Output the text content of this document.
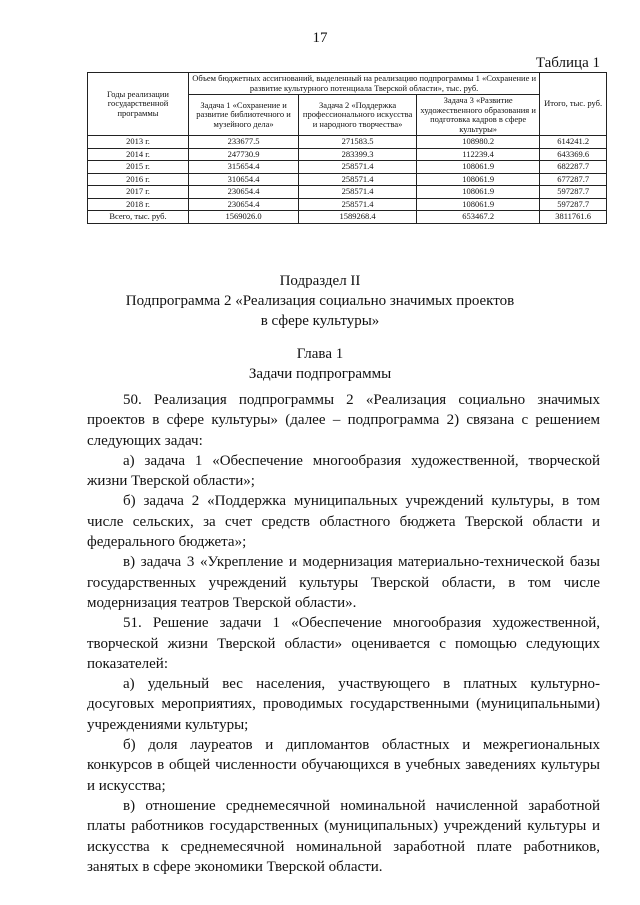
17
Таблица 1
Годы реализации государственной программы	Объем бюджетных ассигнований, выделенный на реализацию подпрограммы 1 «Сохранение и развитие культурного потенциала Тверской области», тыс. руб.			Итого, тыс. руб.
	Задача 1 «Сохранение и развитие библиотечного и музейного дела»	Задача 2 «Поддержка профессионального искусства и народного творчества»	Задача 3 «Развитие художественного образования и подготовка кадров в сфере культуры»	
2013 г.	233677.5	271583.5	108980.2	614241.2
2014 г.	247730.9	283399.3	112239.4	643369.6
2015 г.	315654.4	258571.4	108061.9	682287.7
2016 г.	310654.4	258571.4	108061.9	677287.7
2017 г.	230654.4	258571.4	108061.9	597287.7
2018 г.	230654.4	258571.4	108061.9	597287.7
Всего, тыс. руб.	1569026.0	1589268.4	653467.2	3811761.6
Подраздел II
Подпрограмма 2 «Реализация социально значимых проектов
в сфере культуры»
Глава 1
Задачи подпрограммы

50. Реализация подпрограммы 2 «Реализация социально значимых проектов в сфере культуры» (далее – подпрограмма 2) связана с решением следующих задач:

а) задача 1 «Обеспечение многообразия художественной, творческой жизни Тверской области»;

б) задача 2 «Поддержка муниципальных учреждений культуры, в том числе сельских, за счет средств областного бюджета Тверской области и федерального бюджета»;

в) задача 3 «Укрепление и модернизация материально-технической базы государственных учреждений культуры Тверской области, в том числе модернизация театров Тверской области».

51. Решение задачи 1 «Обеспечение многообразия художественной, творческой жизни Тверской области» оценивается с помощью следующих показателей:

а) удельный вес населения, участвующего в платных культурно-досуговых мероприятиях, проводимых государственными (муниципальными) учреждениями культуры;

б) доля лауреатов и дипломантов областных и межрегиональных конкурсов в общей численности обучающихся в учебных заведениях культуры и искусства;

в) отношение среднемесячной номинальной начисленной заработной платы работников государственных (муниципальных) учреждений культуры и искусства к среднемесячной номинальной заработной плате работников, занятых в сфере экономики Тверской области.
